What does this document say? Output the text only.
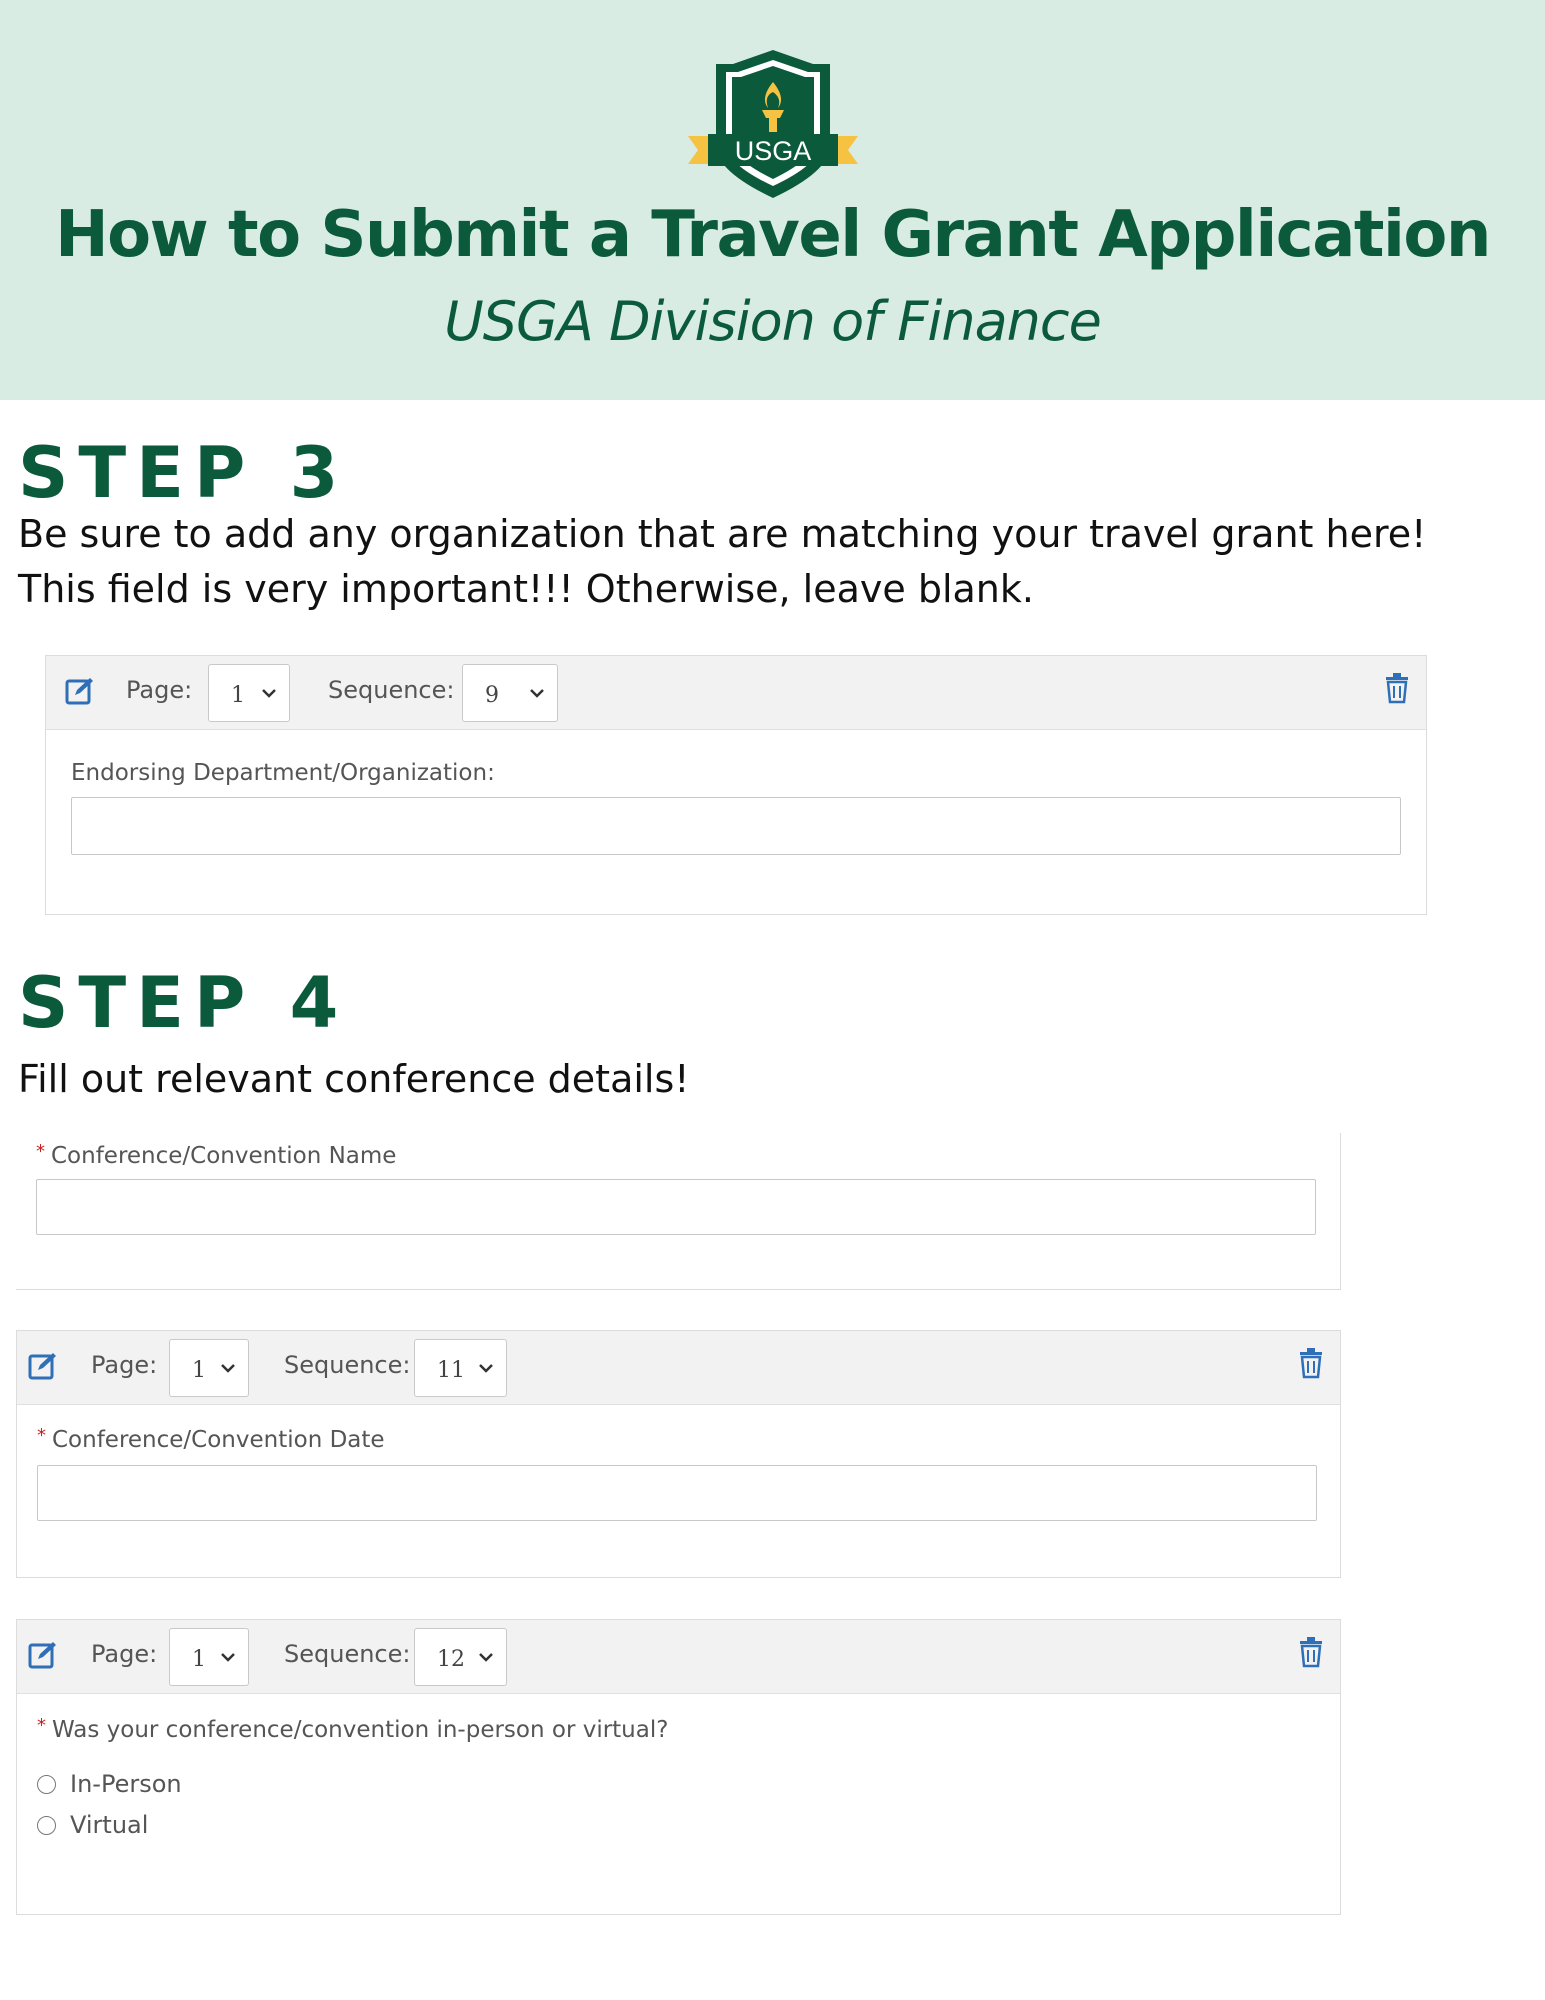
USGA
How to Submit a Travel Grant Application
USGA Division of Finance
STEP 3
Be sure to add any organization that are matching your travel grant here! This field is very important!!! Otherwise, leave blank.
Page: 1	Sequence: 9
Endorsing Department/Organization:
STEP 4
Fill out relevant conference details!
* Conference/Convention Name
Page: 1	Sequence: 11
* Conference/Convention Date
Page: 1	Sequence: 12
* Was your conference/convention in-person or virtual?
In-Person
Virtual
